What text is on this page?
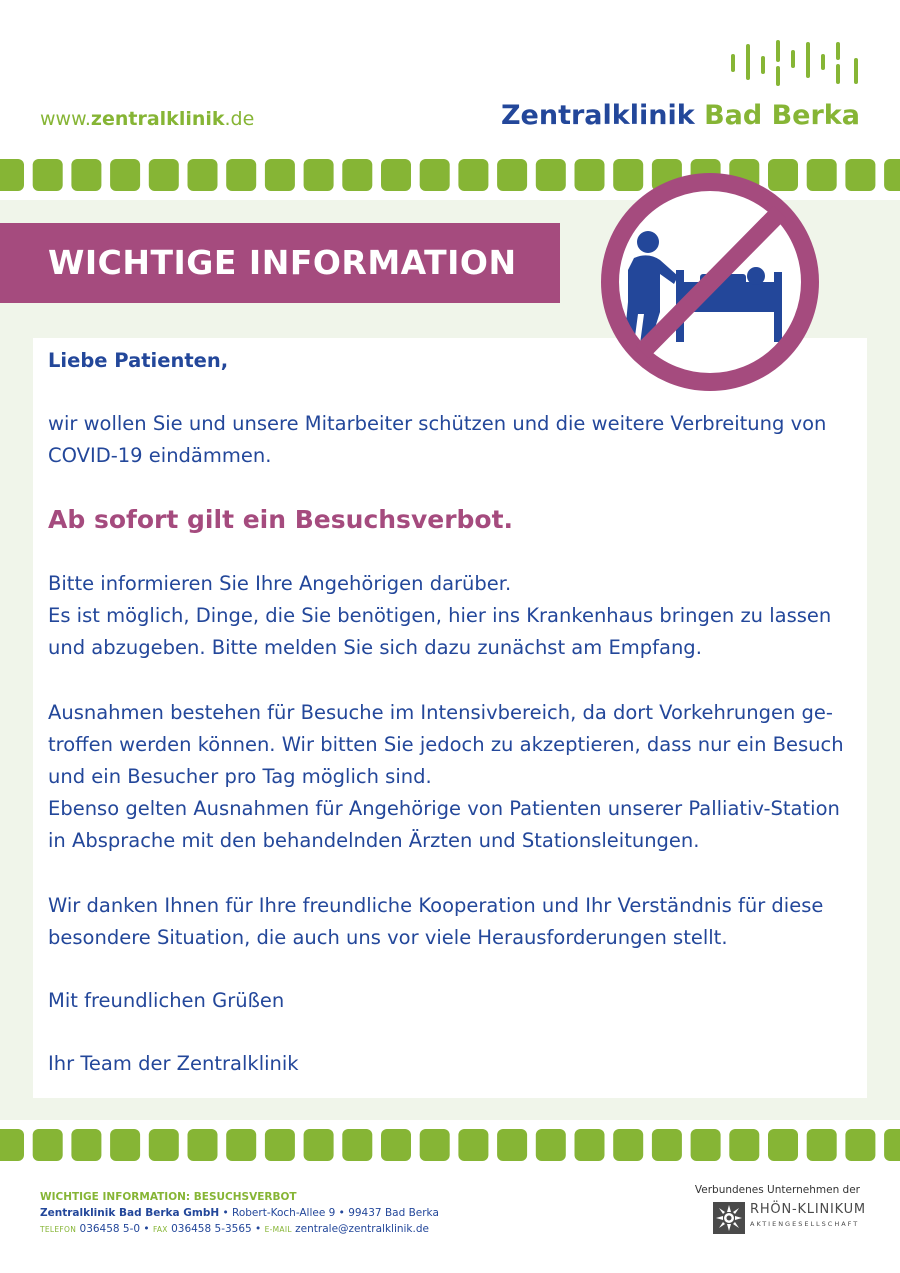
www.zentralklinik.de	Zentralklinik Bad Berka
WICHTIGE INFORMATION
Liebe Patienten,
wir wollen Sie und unsere Mitarbeiter schützen und die weitere Verbreitung von COVID-19 eindämmen.
Ab sofort gilt ein Besuchsverbot.
Bitte informieren Sie Ihre Angehörigen darüber.
Es ist möglich, Dinge, die Sie benötigen, hier ins Krankenhaus bringen zu lassen und abzugeben. Bitte melden Sie sich dazu zunächst am Empfang.
Ausnahmen bestehen für Besuche im Intensivbereich, da dort Vorkehrungen ge-troffen werden können. Wir bitten Sie jedoch zu akzeptieren, dass nur ein Besuch und ein Besucher pro Tag möglich sind.
Ebenso gelten Ausnahmen für Angehörige von Patienten unserer Palliativ-Station in Absprache mit den behandelnden Ärzten und Stationsleitungen.
Wir danken Ihnen für Ihre freundliche Kooperation und Ihr Verständnis für diese besondere Situation, die auch uns vor viele Herausforderungen stellt.
Mit freundlichen Grüßen
Ihr Team der Zentralklinik
WICHTIGE INFORMATION: BESUCHSVERBOT
Zentralklinik Bad Berka GmbH • Robert-Koch-Allee 9 • 99437 Bad Berka
TELEFON 036458 5-0 • FAX 036458 5-3565 • E-MAIL zentrale@zentralklinik.de
Verbundenes Unternehmen der
RHÖN-KLINIKUM
AKTIENGESELLSCHAFT
